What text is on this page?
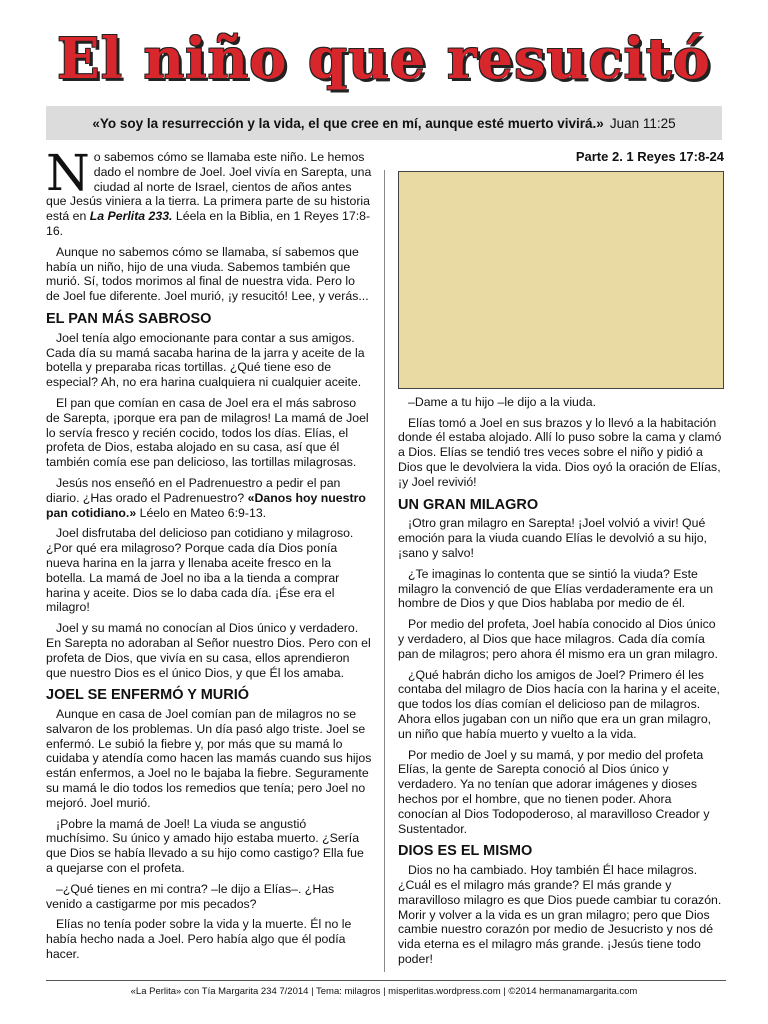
El niño que resucitó
«Yo soy la resurrección y la vida, el que cree en mí, aunque esté muerto vivirá.» Juan 11:25

No sabemos cómo se llamaba este niño. Le hemos dado el nombre de Joel. Joel vivía en Sarepta, una ciudad al norte de Israel, cientos de años antes que Jesús viniera a la tierra. La primera parte de su historia está en La Perlita 233. Léela en la Biblia, en 1 Reyes 17:8-16.

Aunque no sabemos cómo se llamaba, sí sabemos que había un niño, hijo de una viuda. Sabemos también que murió. Sí, todos morimos al final de nuestra vida. Pero lo de Joel fue diferente. Joel murió, ¡y resucitó! Lee, y verás...

EL PAN MÁS SABROSO

Joel tenía algo emocionante para contar a sus amigos. Cada día su mamá sacaba harina de la jarra y aceite de la botella y preparaba ricas tortillas. ¿Qué tiene eso de especial? Ah, no era harina cualquiera ni cualquier aceite.

El pan que comían en casa de Joel era el más sabroso de Sarepta, ¡porque era pan de milagros! La mamá de Joel lo servía fresco y recién cocido, todos los días. Elías, el profeta de Dios, estaba alojado en su casa, así que él también comía ese pan delicioso, las tortillas milagrosas.

Jesús nos enseñó en el Padrenuestro a pedir el pan diario. ¿Has orado el Padrenuestro? «Danos hoy nuestro pan cotidiano.» Léelo en Mateo 6:9-13.

Joel disfrutaba del delicioso pan cotidiano y milagroso. ¿Por qué era milagroso? Porque cada día Dios ponía nueva harina en la jarra y llenaba aceite fresco en la botella. La mamá de Joel no iba a la tienda a comprar harina y aceite. Dios se lo daba cada día. ¡Ése era el milagro!

Joel y su mamá no conocían al Dios único y verdadero. En Sarepta no adoraban al Señor nuestro Dios. Pero con el profeta de Dios, que vivía en su casa, ellos aprendieron que nuestro Dios es el único Dios, y que Él los amaba.

JOEL SE ENFERMÓ Y MURIÓ

Aunque en casa de Joel comían pan de milagros no se salvaron de los problemas. Un día pasó algo triste. Joel se enfermó. Le subió la fiebre y, por más que su mamá lo cuidaba y atendía como hacen las mamás cuando sus hijos están enfermos, a Joel no le bajaba la fiebre. Seguramente su mamá le dio todos los remedios que tenía; pero Joel no mejoró. Joel murió.

¡Pobre la mamá de Joel! La viuda se angustió muchísimo. Su único y amado hijo estaba muerto. ¿Sería que Dios se había llevado a su hijo como castigo? Ella fue a quejarse con el profeta.

–¿Qué tienes en mi contra? –le dijo a Elías–. ¿Has venido a castigarme por mis pecados?

Elías no tenía poder sobre la vida y la muerte. Él no le había hecho nada a Joel. Pero había algo que él podía hacer.

Parte 2. 1 Reyes 17:8-24

–Dame a tu hijo –le dijo a la viuda.

Elías tomó a Joel en sus brazos y lo llevó a la habitación donde él estaba alojado. Allí lo puso sobre la cama y clamó a Dios. Elías se tendió tres veces sobre el niño y pidió a Dios que le devolviera la vida. Dios oyó la oración de Elías, ¡y Joel revivió!

UN GRAN MILAGRO

¡Otro gran milagro en Sarepta! ¡Joel volvió a vivir! Qué emoción para la viuda cuando Elías le devolvió a su hijo, ¡sano y salvo!

¿Te imaginas lo contenta que se sintió la viuda? Este milagro la convenció de que Elías verdaderamente era un hombre de Dios y que Dios hablaba por medio de él.

Por medio del profeta, Joel había conocido al Dios único y verdadero, al Dios que hace milagros. Cada día comía pan de milagros; pero ahora él mismo era un gran milagro.

¿Qué habrán dicho los amigos de Joel? Primero él les contaba del milagro de Dios hacía con la harina y el aceite, que todos los días comían el delicioso pan de milagros. Ahora ellos jugaban con un niño que era un gran milagro, un niño que había muerto y vuelto a la vida.

Por medio de Joel y su mamá, y por medio del profeta Elías, la gente de Sarepta conoció al Dios único y verdadero. Ya no tenían que adorar imágenes y dioses hechos por el hombre, que no tienen poder. Ahora conocían al Dios Todopoderoso, al maravilloso Creador y Sustentador.

DIOS ES EL MISMO

Dios no ha cambiado. Hoy también Él hace milagros. ¿Cuál es el milagro más grande? El más grande y maravilloso milagro es que Dios puede cambiar tu corazón. Morir y volver a la vida es un gran milagro; pero que Dios cambie nuestro corazón por medio de Jesucristo y nos dé vida eterna es el milagro más grande. ¡Jesús tiene todo poder!

«La Perlita» con Tía Margarita 234 7/2014 | Tema: milagros | misperlitas.wordpress.com | ©2014 hermanamargarita.com
